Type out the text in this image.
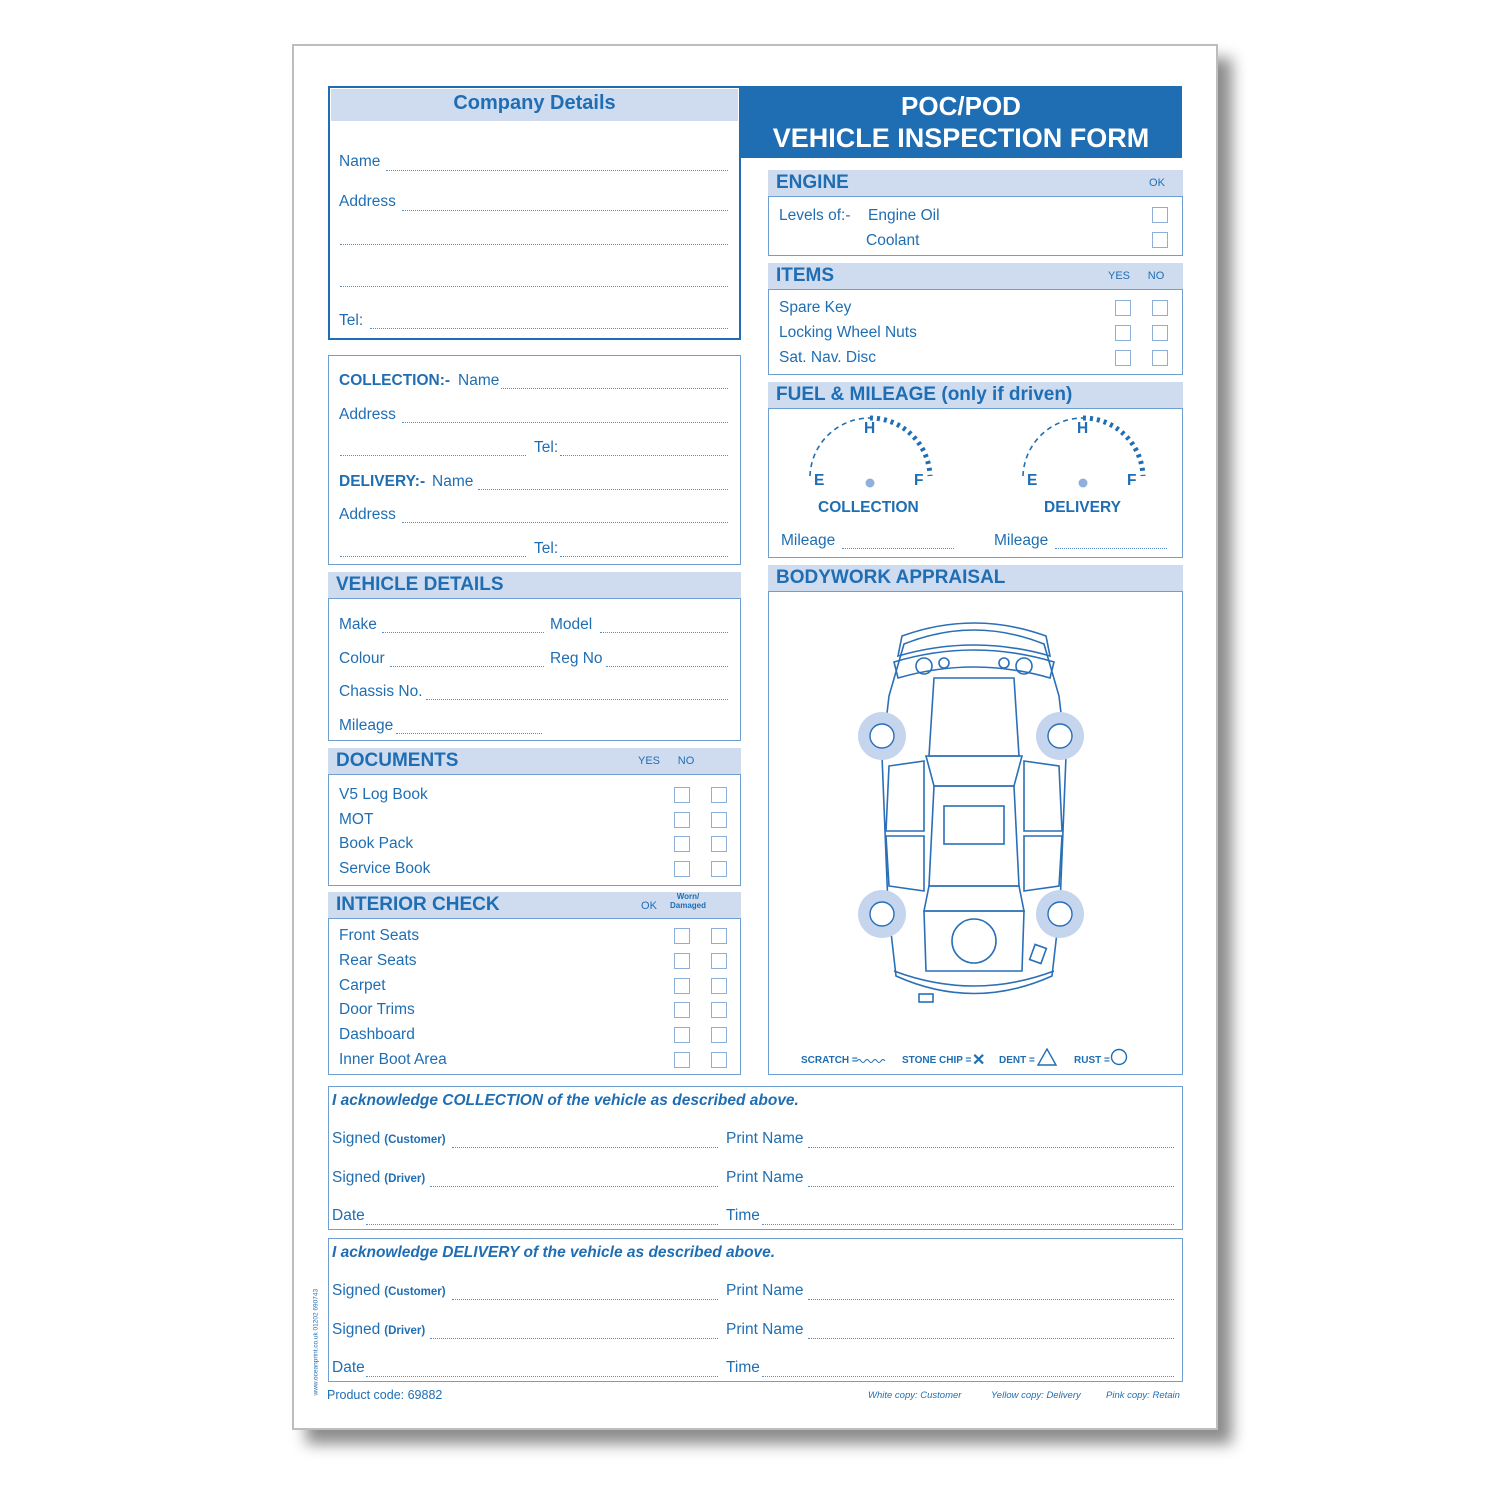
Company Details
Name
Address
Tel:
POC/POD
VEHICLE INSPECTION FORM
COLLECTION:- Name
Address
Tel:
DELIVERY:- Name
Address
Tel:
VEHICLE DETAILS
Make	Model
Colour	Reg No
Chassis No.
Mileage
DOCUMENTS	YES	NO
V5 Log Book
MOT
Book Pack
Service Book
INTERIOR CHECK	OK
Worn/
Damaged
Front Seats
Rear Seats
Carpet
Door Trims
Dashboard
Inner Boot Area
ENGINE	OK
Levels of:- Engine Oil
Coolant
ITEMS	YES	NO
Spare Key
Locking Wheel Nuts
Sat. Nav. Disc
FUEL & MILEAGE (only if driven)
H
E	F
COLLECTION
H
E	F
DELIVERY
Mileage	Mileage
BODYWORK APPRAISAL
SCRATCH =	STONE CHIP = ✕ DENT =	RUST =
I acknowledge COLLECTION of the vehicle as described above.
Signed (Customer)	Print Name
Signed (Driver)	Print Name
Date	Time
I acknowledge DELIVERY of the vehicle as described above.
Signed (Customer)	Print Name
Signed (Driver)	Print Name
Date	Time
Product code: 69882	White copy: Customer	Yellow copy: Delivery	Pink copy: Retain
www.oceanprint.co.uk 01202 690743
